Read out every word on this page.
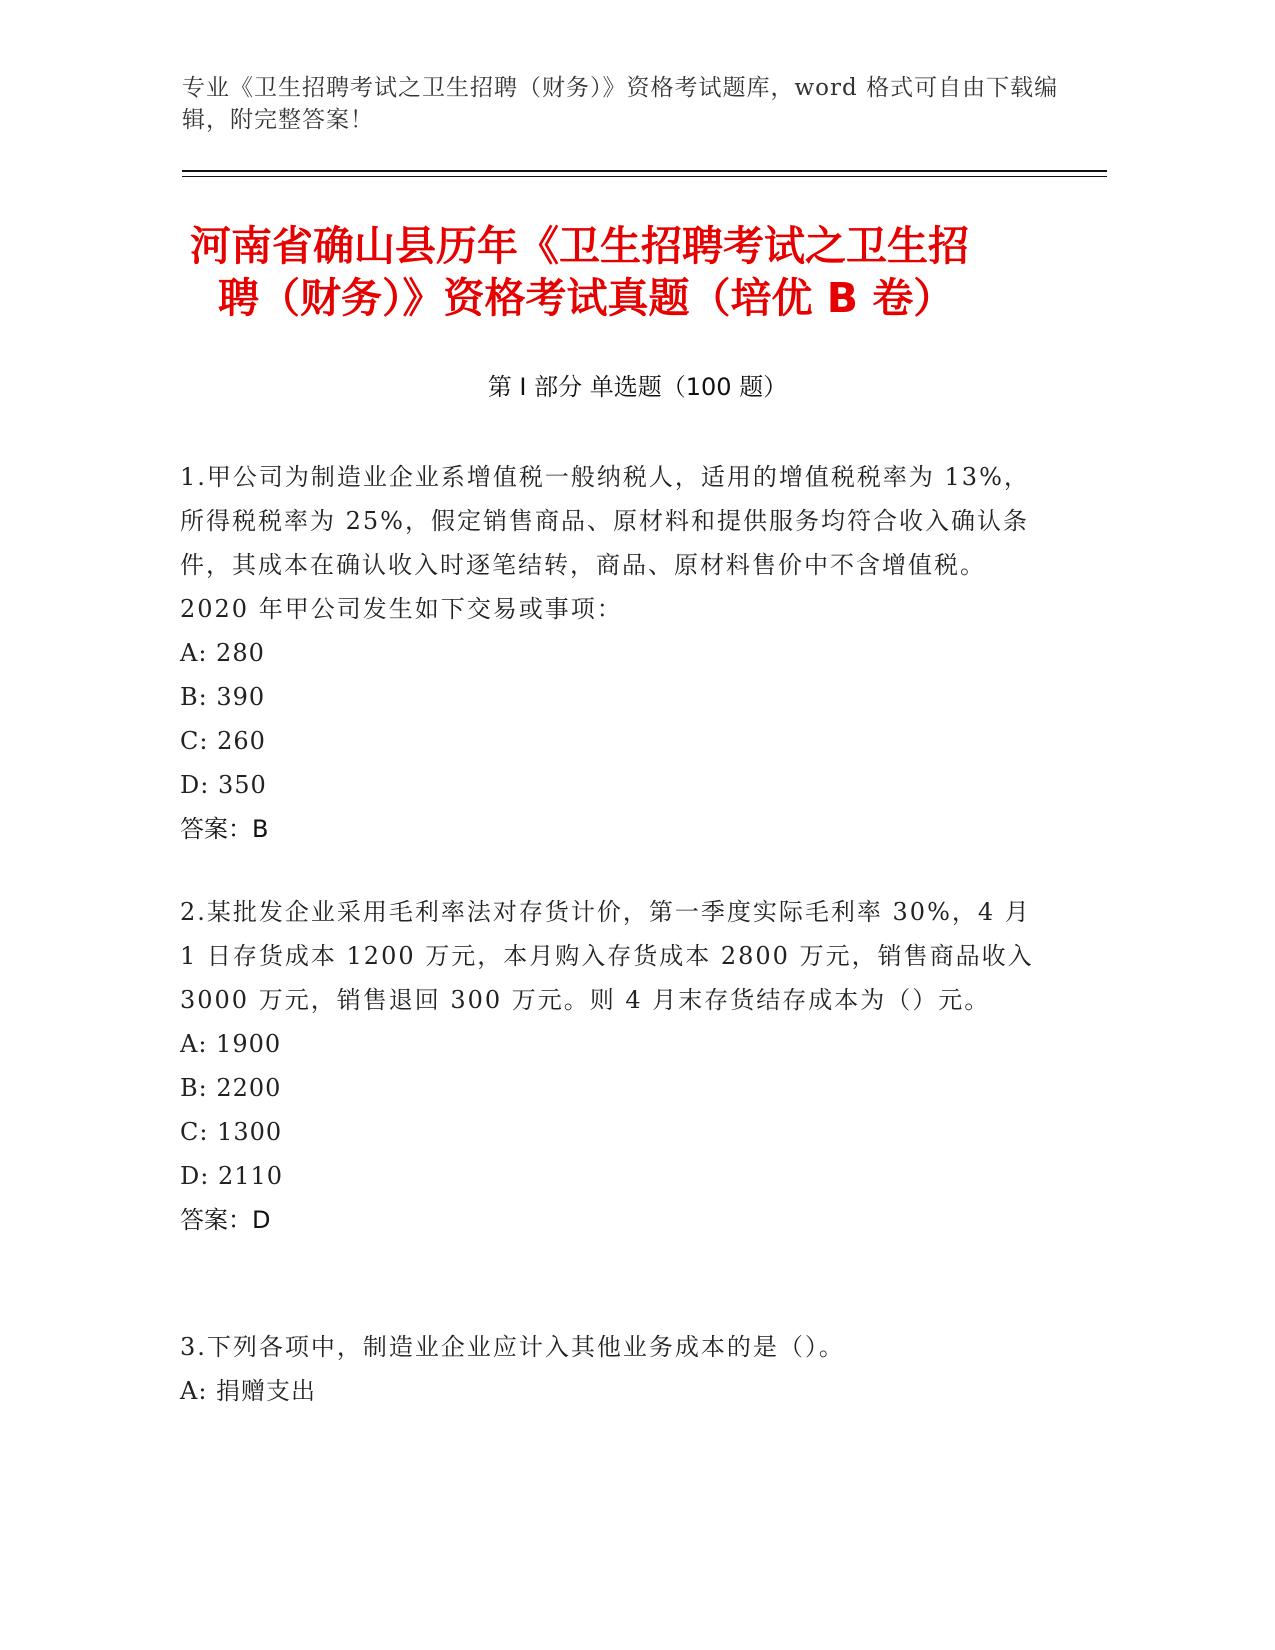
专业《卫生招聘考试之卫生招聘（财务）》资格考试题库，word 格式可自由下载编辑，附完整答案！
河南省确山县历年《卫生招聘考试之卫生招
聘（财务）》资格考试真题（培优 B 卷）
第 I 部分 单选题（100 题）
1.甲公司为制造业企业系增值税一般纳税人，适用的增值税税率为 13%，所得税税率为 25%，假定销售商品、原材料和提供服务均符合收入确认条件，其成本在确认收入时逐笔结转，商品、原材料售价中不含增值税。2020 年甲公司发生如下交易或事项：
A: 280
B: 390
C: 260
D: 350
答案：B
2.某批发企业采用毛利率法对存货计价，第一季度实际毛利率 30%，4 月 1 日存货成本 1200 万元，本月购入存货成本 2800 万元，销售商品收入 3000 万元，销售退回 300 万元。则 4 月末存货结存成本为（）元。
A: 1900
B: 2200
C: 1300
D: 2110
答案：D
3.下列各项中，制造业企业应计入其他业务成本的是（）。
A: 捐赠支出
